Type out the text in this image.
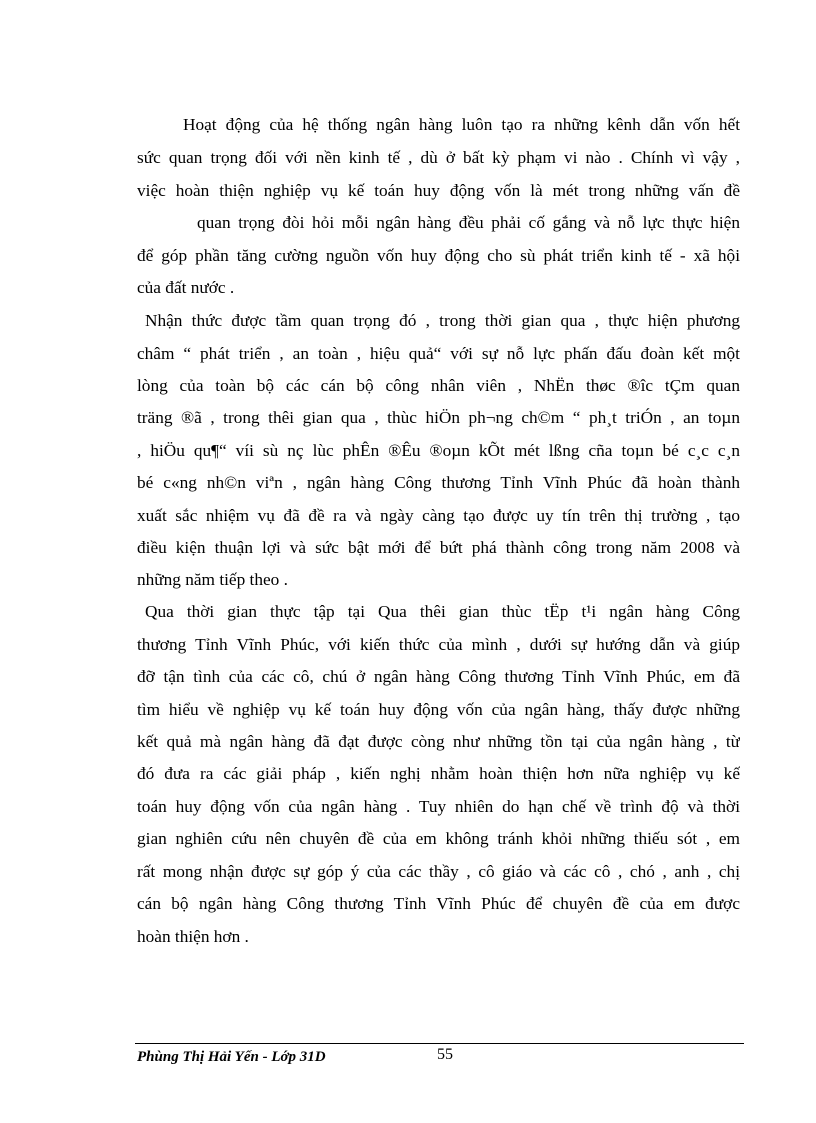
Hoạt động của hệ thống ngân hàng luôn tạo ra những kênh dẫn vốn hết
sức quan trọng đối với nền kinh tế , dù ở bất kỳ phạm vi nào . Chính vì vậy ,
việc hoàn thiện nghiệp vụ kế toán huy động vốn là mét trong những vấn đề
quan trọng đòi hỏi mỗi ngân hàng đều phải cố gắng và nỗ lực thực hiện
để góp phần tăng cường nguồn vốn huy động cho sù phát triển kinh tế - xã hội
của đất nước .
Nhận thức được tầm quan trọng đó , trong thời gian qua , thực hiện phương
châm “ phát triển , an toàn , hiệu quả“ với sự nỗ lực phấn đấu đoàn kết một
lòng của toàn bộ các cán bộ công nhân viên , NhËn thøc ®îc tÇm quan
träng ®ã , trong thêi gian qua , thùc hiÖn ph¬ng ch©m “ ph¸t triÓn , an toµn
, hiÖu qu¶“ víi sù nç lùc phÊn ®Êu ®oµn kÕt mét lßng cña toµn bé c¸c c¸n
bé c«ng nh©n viªn , ngân hàng Công thương Tỉnh Vĩnh Phúc đã hoàn thành
xuất sắc nhiệm vụ đã đề ra và ngày càng tạo được uy tín trên thị trường , tạo
điều kiện thuận lợi và sức bật mới để bứt phá thành công trong năm 2008 và
những năm tiếp theo .
Qua thời gian thực tập tại Qua thêi gian thùc tËp t¹i ngân hàng Công
thương Tỉnh Vĩnh Phúc, với kiến thức của mình , dưới sự hướng dẫn và giúp
đỡ tận tình của các cô, chú ở ngân hàng Công thương Tỉnh Vĩnh Phúc, em đã
tìm hiểu về nghiệp vụ kế toán huy động vốn của ngân hàng, thấy được những
kết quả mà ngân hàng đã đạt được còng như những tồn tại của ngân hàng , từ
đó đưa ra các giải pháp , kiến nghị nhằm hoàn thiện hơn nữa nghiệp vụ kế
toán huy động vốn của ngân hàng . Tuy nhiên do hạn chế về trình độ và thời
gian nghiên cứu nên chuyên đề của em không tránh khỏi những thiếu sót , em
rất mong nhận được sự góp ý của các thầy , cô giáo và các cô , chó , anh , chị
cán bộ ngân hàng Công thương Tỉnh Vĩnh Phúc để chuyên đề của em được
hoàn thiện hơn .
Phùng Thị Hải Yến - Lớp 31D	55
